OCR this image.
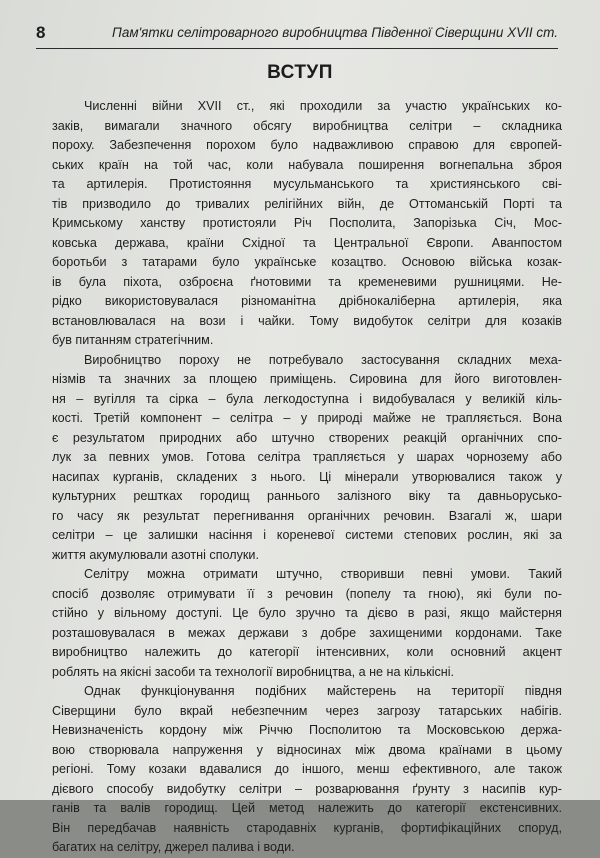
8	Пам'ятки селітроварного виробництва Південної Сіверщини XVII ст.
ВСТУП
Численні війни XVII ст., які проходили за участю українських ко-
заків, вимагали значного обсягу виробництва селітри – складника
пороху. Забезпечення порохом було надважливою справою для європей-
ських країн на той час, коли набувала поширення вогнепальна зброя
та артилерія. Протистояння мусульманського та християнського сві-
тів призводило до тривалих релігійних війн, де Оттоманській Порті та
Кримському ханству протистояли Річ Посполита, Запорізька Січ, Мос-
ковська держава, країни Східної та Центральної Європи. Аванпостом
боротьби з татарами було українське козацтво. Основою війська козак-
ів була піхота, озброєна ґнотовими та кременевими рушницями. Не-
рідко використовувалася різноманітна дрібнокаліберна артилерія, яка
встановлювалася на вози і чайки. Тому видобуток селітри для козаків
був питанням стратегічним.
Виробництво пороху не потребувало застосування складних меха-
нізмів та значних за площею приміщень. Сировина для його виготовлен-
ня – вугілля та сірка – була легкодоступна і видобувалася у великій кіль-
кості. Третій компонент – селітра – у природі майже не трапляється. Вона
є результатом природних або штучно створених реакцій органічних спо-
лук за певних умов. Готова селітра трапляється у шарах чорнозему або
насипах курганів, складених з нього. Ці мінерали утворювалися також у
культурних рештках городищ раннього залізного віку та давньорусько-
го часу як результат перегнивання органічних речовин. Взагалі ж, шари
селітри – це залишки насіння і кореневої системи степових рослин, які за
життя акумулювали азотні сполуки.
Селітру можна отримати штучно, створивши певні умови. Такий
спосіб дозволяє отримувати її з речовин (попелу та гною), які були по-
стійно у вільному доступі. Це було зручно та дієво в разі, якщо майстерня
розташовувалася в межах держави з добре захищеними кордонами. Таке
виробництво належить до категорії інтенсивних, коли основний акцент
роблять на якісні засоби та технології виробництва, а не на кількісні.
Однак функціонування подібних майстерень на території півдня
Сіверщини було вкрай небезпечним через загрозу татарських набігів.
Невизначеність кордону між Річчю Посполитою та Московською держа-
вою створювала напруження у відносинах між двома країнами в цьому
регіоні. Тому козаки вдавалися до іншого, менш ефективного, але також
дієвого способу видобутку селітри – розварювання ґрунту з насипів кур-
ганів та валів городищ. Цей метод належить до категорії екстенсивних.
Він передбачав наявність стародавніх курганів, фортифікаційних споруд,
багатих на селітру, джерел палива і води.
